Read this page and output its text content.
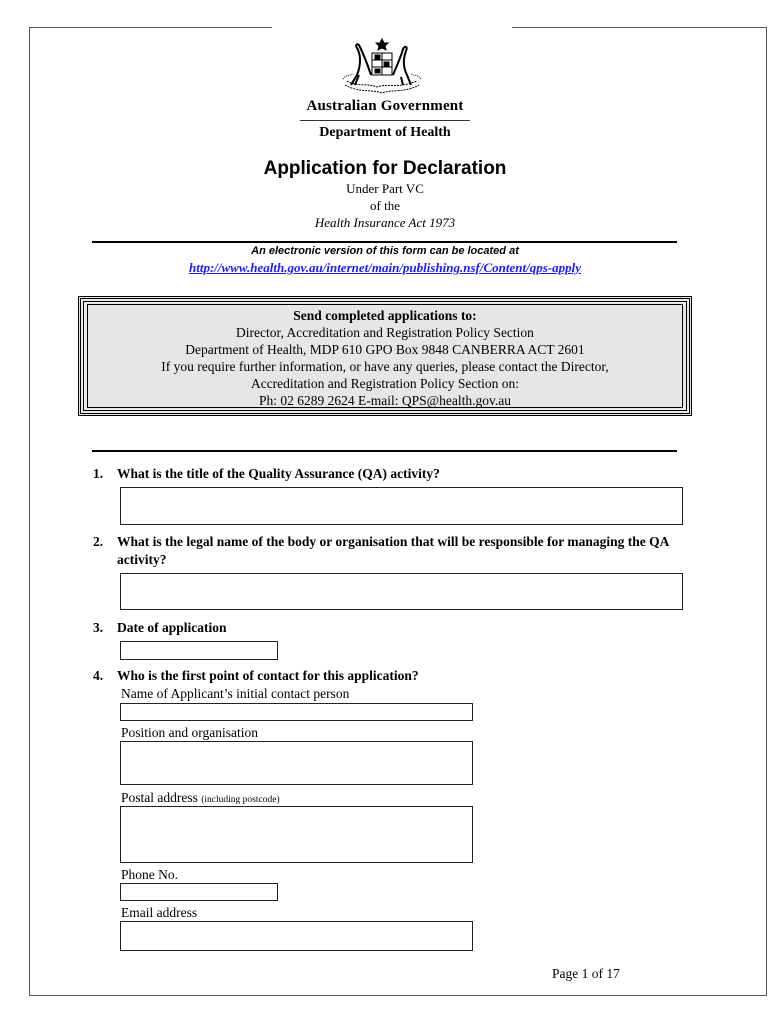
Australian Government
Department of Health
Application for Declaration
Under Part VC
of the
Health Insurance Act 1973
An electronic version of this form can be located at
http://www.health.gov.au/internet/main/publishing.nsf/Content/qps-apply
Send completed applications to:
Director, Accreditation and Registration Policy Section
Department of Health, MDP 610 GPO Box 9848 CANBERRA ACT 2601
If you require further information, or have any queries, please contact the Director,
Accreditation and Registration Policy Section on:
Ph: 02 6289 2624 E-mail: QPS@health.gov.au
1. What is the title of the Quality Assurance (QA) activity?
2. What is the legal name of the body or organisation that will be responsible for managing the QA activity?
3. Date of application
4. Who is the first point of contact for this application?
Name of Applicant’s initial contact person
Position and organisation
Postal address (including postcode)
Phone No.
Email address
Page 1 of 17
